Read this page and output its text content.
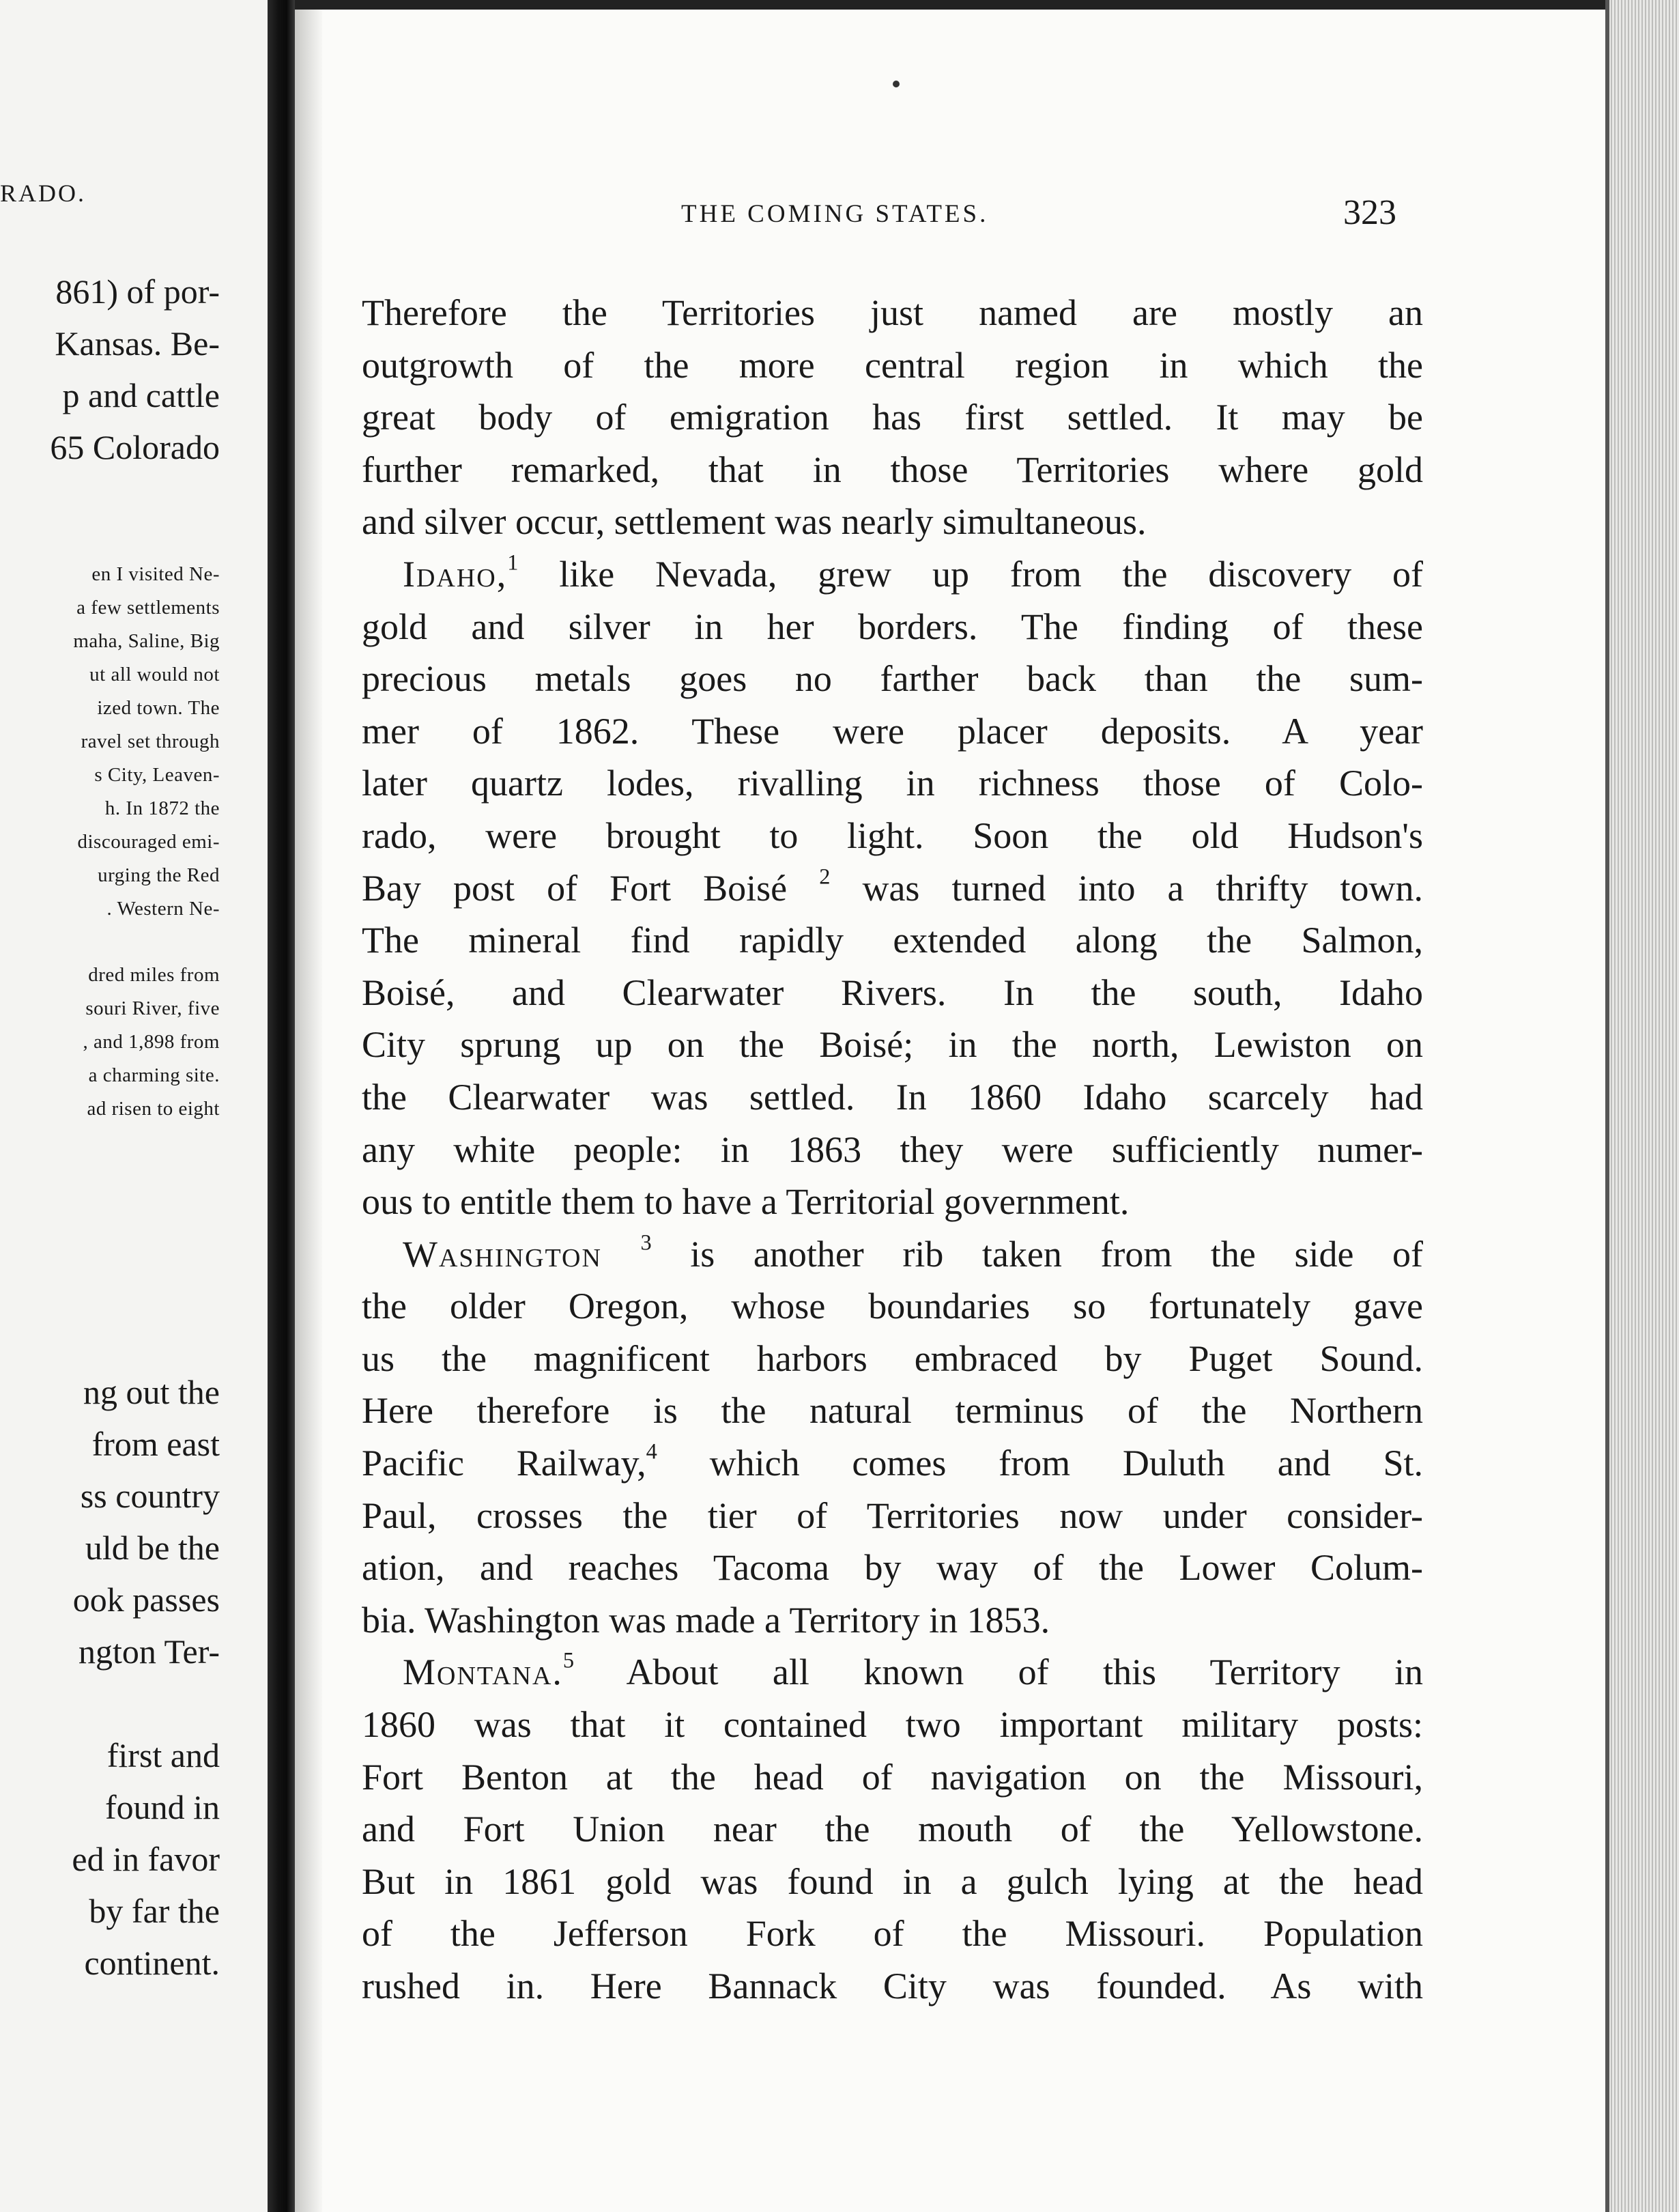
RADO.
861) of por-
Kansas. Be-
p and cattle
65 Colorado
en I visited Ne-
a few settlements
maha, Saline, Big
ut all would not
ized town. The
ravel set through
s City, Leaven-
h. In 1872 the
discouraged emi-
urging the Red
. Western Ne-
dred miles from
souri River, five
, and 1,898 from
a charming site.
ad risen to eight
ng out the
from east
ss country
uld be the
ook passes
ngton Ter-
first and
found in
ed in favor
by far the
continent.
THE COMING STATES.	323
Therefore the Territories just named are mostly an
outgrowth of the more central region in which the
great body of emigration has first settled. It may be
further remarked, that in those Territories where gold
and silver occur, settlement was nearly simultaneous.
Idaho,$^1$ like Nevada, grew up from the discovery of
gold and silver in her borders. The finding of these
precious metals goes no farther back than the sum-
mer of 1862. These were placer deposits. A year
later quartz lodes, rivalling in richness those of Colo-
rado, were brought to light. Soon the old Hudson's
Bay post of Fort Boisé $^2$ was turned into a thrifty town.
The mineral find rapidly extended along the Salmon,
Boisé, and Clearwater Rivers. In the south, Idaho
City sprung up on the Boisé; in the north, Lewiston on
the Clearwater was settled. In 1860 Idaho scarcely had
any white people: in 1863 they were sufficiently numer-
ous to entitle them to have a Territorial government.
Washington $^3$ is another rib taken from the side of
the older Oregon, whose boundaries so fortunately gave
us the magnificent harbors embraced by Puget Sound.
Here therefore is the natural terminus of the Northern
Pacific Railway,$^4$ which comes from Duluth and St.
Paul, crosses the tier of Territories now under consider-
ation, and reaches Tacoma by way of the Lower Colum-
bia. Washington was made a Territory in 1853.
Montana.$^5$ About all known of this Territory in
1860 was that it contained two important military posts:
Fort Benton at the head of navigation on the Missouri,
and Fort Union near the mouth of the Yellowstone.
But in 1861 gold was found in a gulch lying at the head
of the Jefferson Fork of the Missouri. Population
rushed in. Here Bannack City was founded. As with
